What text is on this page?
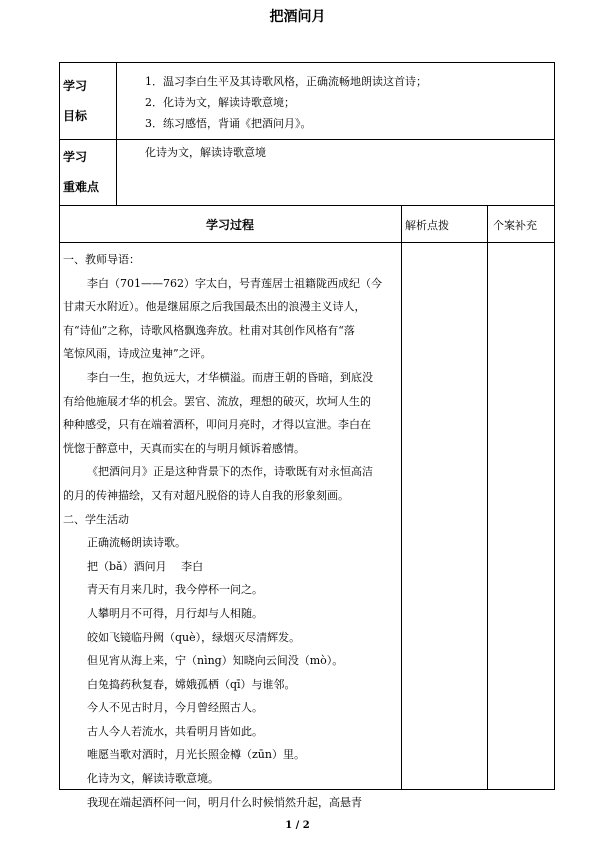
把酒问月
学习
目标
1．温习李白生平及其诗歌风格，正确流畅地朗读这首诗；
2．化诗为文，解读诗歌意境；
3．练习感悟，背诵《把酒问月》。
学习
重难点
化诗为文，解读诗歌意境
学习过程	解析点拨	个案补充
一、教师导语：
李白（701——762）字太白，号青莲居士祖籍陇西成纪（今
甘肃天水附近）。他是继屈原之后我国最杰出的浪漫主义诗人，
有“诗仙”之称，诗歌风格飘逸奔放。杜甫对其创作风格有“落
笔惊风雨，诗成泣鬼神”之评。
李白一生，抱负远大，才华横溢。而唐王朝的昏暗，到底没
有给他施展才华的机会。罢官、流放，理想的破灭，坎坷人生的
种种感受，只有在端着酒杯，叩问月亮时，才得以宣泄。李白在
恍惚于醉意中，天真而实在的与明月倾诉着感情。
《把酒问月》正是这种背景下的杰作，诗歌既有对永恒高洁
的月的传神描绘，又有对超凡脱俗的诗人自我的形象刻画。
二、学生活动
正确流畅朗读诗歌。
把（bǎ）酒问月　 李白
青天有月来几时，我今停杯一问之。
人攀明月不可得，月行却与人相随。
皎如飞镜临丹阙（què），绿烟灭尽清辉发。
但见宵从海上来，宁（nìng）知晓向云间没（mò）。
白兔捣药秋复春，嫦娥孤栖（qī）与谁邻。
今人不见古时月，今月曾经照古人。
古人今人若流水，共看明月皆如此。
唯愿当歌对酒时，月光长照金樽（zūn）里。
化诗为文，解读诗歌意境。
我现在端起酒杯问一问，明月什么时候悄然升起，高悬青
1 / 2
